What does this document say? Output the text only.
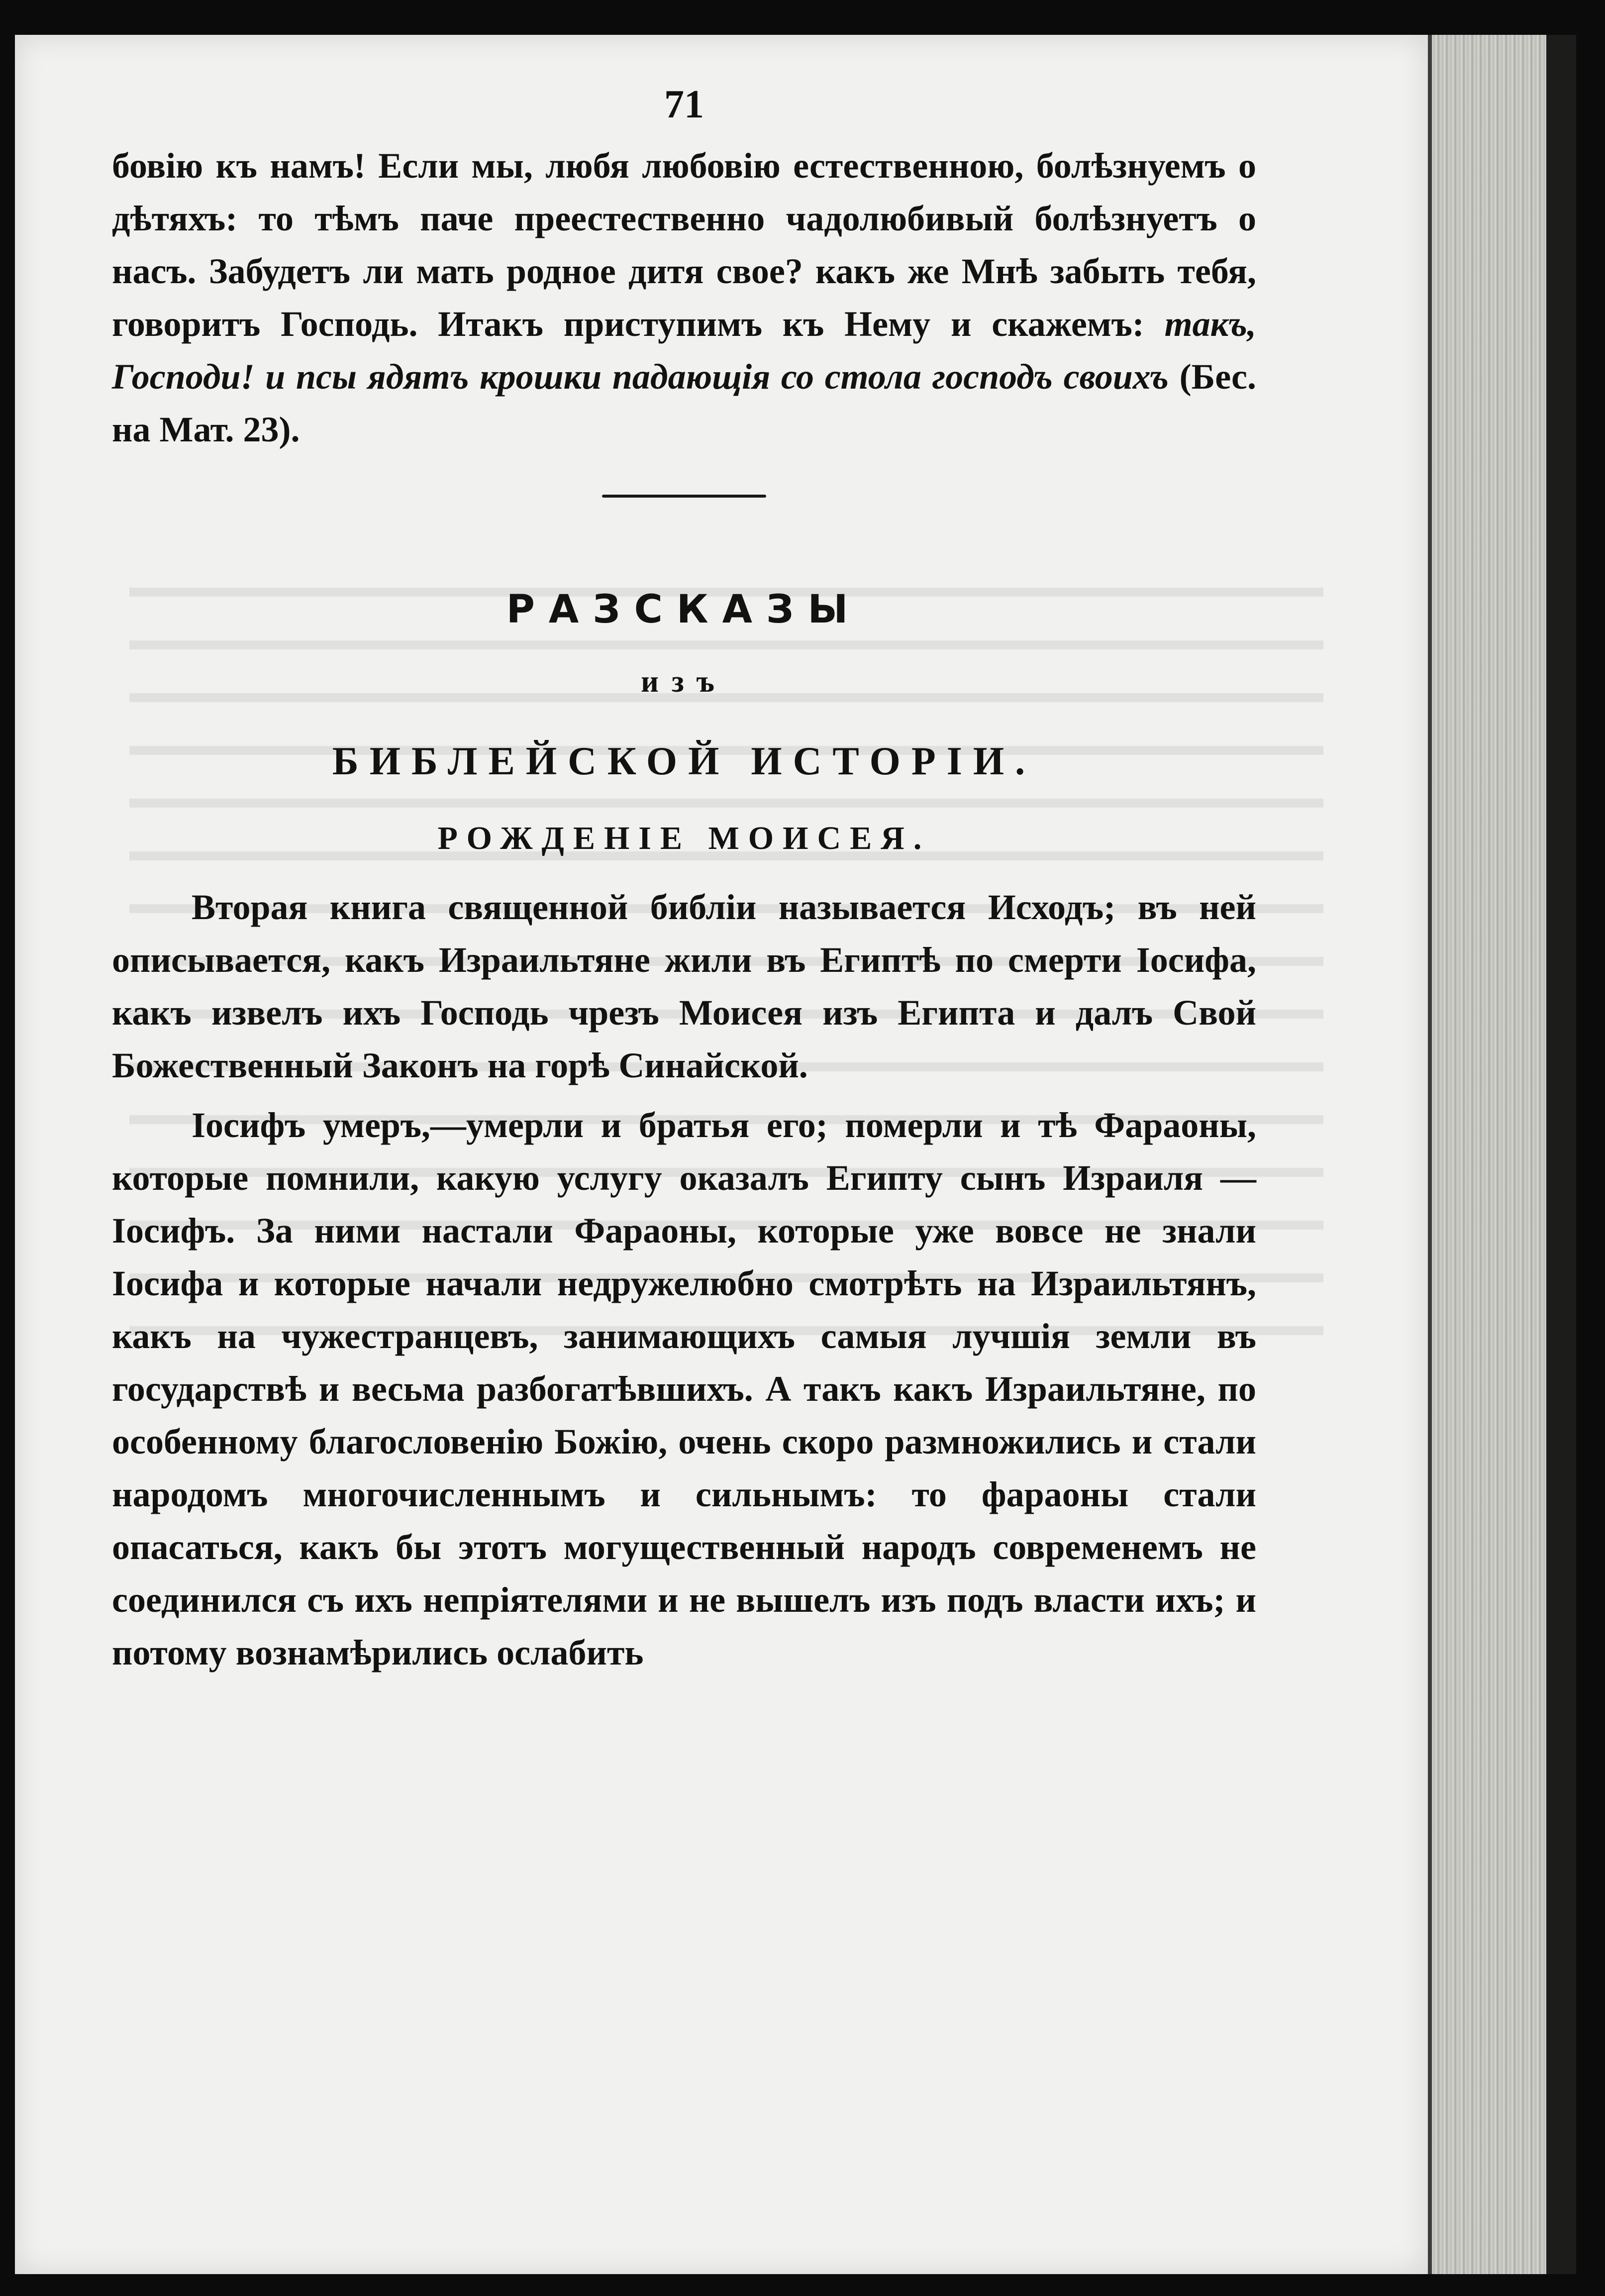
71

бовію къ намъ! Если мы, любя любовію естественною, болѣзнуемъ о дѣтяхъ: то тѣмъ паче преестественно чадолюбивый болѣзнуетъ о насъ. Забудетъ ли мать родное дитя свое? какъ же Мнѣ забыть тебя, говоритъ Господь. Итакъ приступимъ къ Нему и скажемъ: такъ, Господи! и псы ядятъ крошки падающія со стола господъ своихъ (Бес. на Мат. 23).

РАЗСКАЗЫ
изъ
БИБЛЕЙСКОЙ ИСТОРІИ.
РОЖДЕНІЕ МОИСЕЯ.

Вторая книга священной библіи называется Исходъ; въ ней описывается, какъ Израильтяне жили въ Египтѣ по смерти Іосифа, какъ извелъ ихъ Господь чрезъ Моисея изъ Египта и далъ Свой Божественный Законъ на горѣ Синайской.

Іосифъ умеръ,—умерли и братья его; померли и тѣ Фараоны, которые помнили, какую услугу оказалъ Египту сынъ Израиля — Іосифъ. За ними настали Фараоны, которые уже вовсе не знали Іосифа и которые начали недружелюбно смотрѣть на Израильтянъ, какъ на чужестранцевъ, занимающихъ самыя лучшія земли въ государствѣ и весьма разбогатѣвшихъ. А такъ какъ Израильтяне, по особенному благословенію Божію, очень скоро размножились и стали народомъ многочисленнымъ и сильнымъ: то фараоны стали опасаться, какъ бы этотъ могущественный народъ современемъ не соединился съ ихъ непріятелями и не вышелъ изъ подъ власти ихъ; и потому вознамѣрились ослабить
